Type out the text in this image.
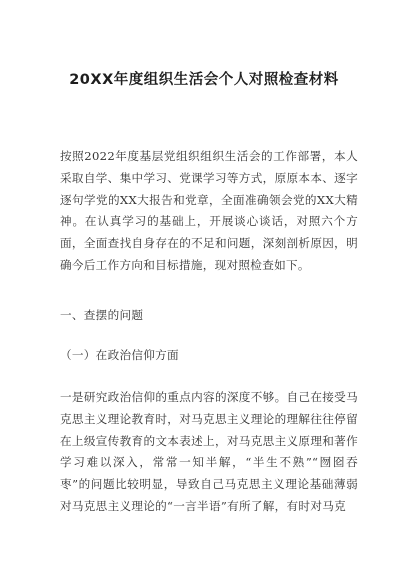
20XX年度组织生活会个人对照检查材料

按照2022年度基层党组织组织生活会的工作部署，本人采取自学、集中学习、党课学习等方式，原原本本、逐字逐句学党的XX大报告和党章，全面准确领会党的XX大精神。在认真学习的基础上，开展谈心谈话，对照六个方面，全面查找自身存在的不足和问题，深刻剖析原因，明确今后工作方向和目标措施，现对照检查如下。

一、查摆的问题

（一）在政治信仰方面

一是研究政治信仰的重点内容的深度不够。自己在接受马克思主义理论教育时，对马克思主义理论的理解往往停留在上级宣传教育的文本表述上，对马克思主义原理和著作学习难以深入，常常一知半解，“半生不熟”“囫囵吞枣”的问题比较明显，导致自己马克思主义理论基础薄弱对马克思主义理论的“一言半语”有所了解，有时对马克
